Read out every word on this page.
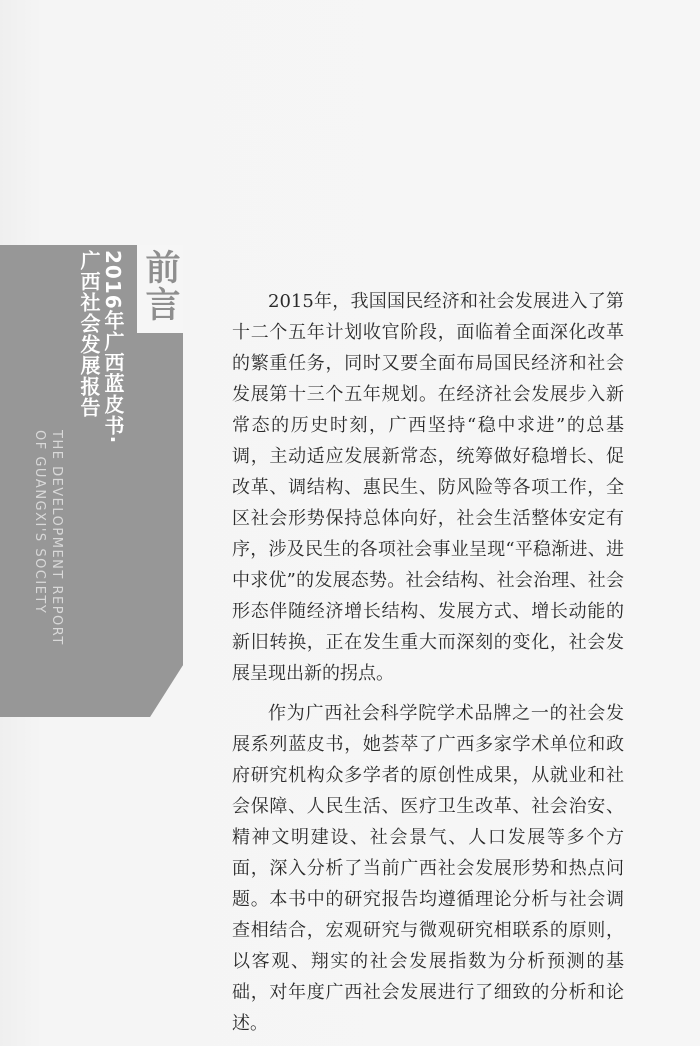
前言
2016年广西蓝皮书·
广西社会发展报告
THE DEVELOPMENT REPORT
OF GUANGXI'S SOCIETY

2015年，我国国民经济和社会发展进入了第十二个五年计划收官阶段，面临着全面深化改革的繁重任务，同时又要全面布局国民经济和社会发展第十三个五年规划。在经济社会发展步入新常态的历史时刻，广西坚持“稳中求进”的总基调，主动适应发展新常态，统筹做好稳增长、促改革、调结构、惠民生、防风险等各项工作，全区社会形势保持总体向好，社会生活整体安定有序，涉及民生的各项社会事业呈现“平稳渐进、进中求优”的发展态势。社会结构、社会治理、社会形态伴随经济增长结构、发展方式、增长动能的新旧转换，正在发生重大而深刻的变化，社会发展呈现出新的拐点。

作为广西社会科学院学术品牌之一的社会发展系列蓝皮书，她荟萃了广西多家学术单位和政府研究机构众多学者的原创性成果，从就业和社会保障、人民生活、医疗卫生改革、社会治安、精神文明建设、社会景气、人口发展等多个方面，深入分析了当前广西社会发展形势和热点问题。本书中的研究报告均遵循理论分析与社会调查相结合，宏观研究与微观研究相联系的原则，以客观、翔实的社会发展指数为分析预测的基础，对年度广西社会发展进行了细致的分析和论述。
